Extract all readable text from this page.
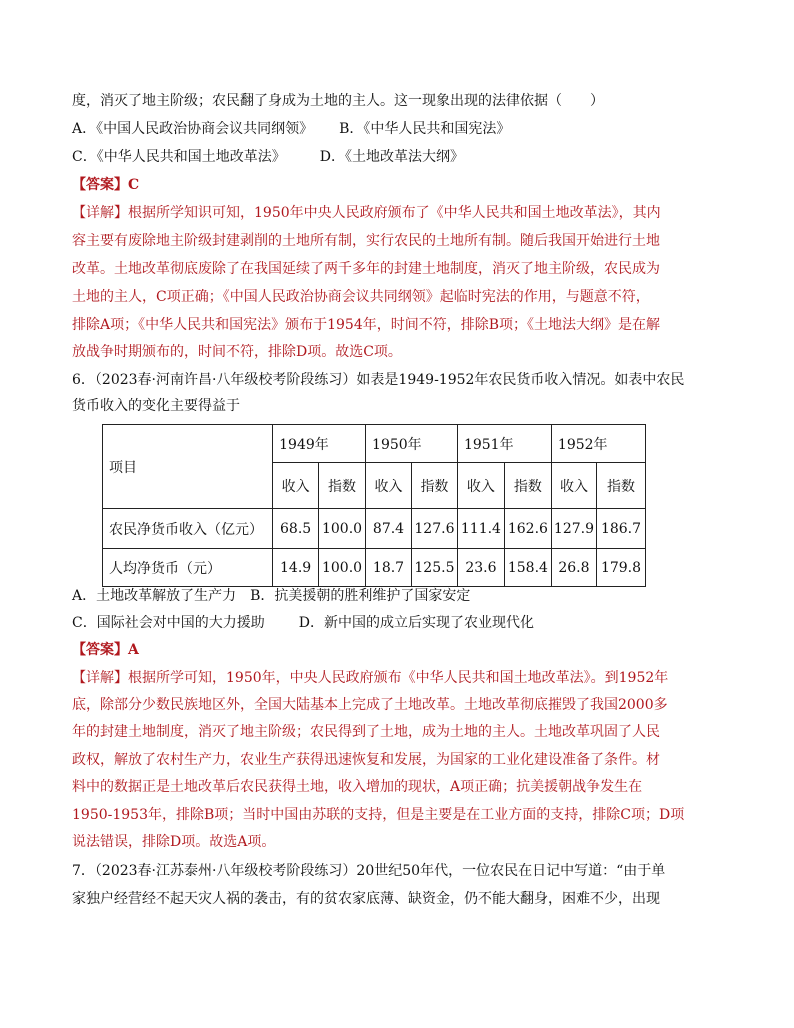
度，消灭了地主阶级；农民翻了身成为土地的主人。这一现象出现的法律依据（　　）
A．《中国人民政治协商会议共同纲领》 B．《中华人民共和国宪法》
C．《中华人民共和国土地改革法》 D．《土地改革法大纲》
【答案】C
【详解】根据所学知识可知，1950年中央人民政府颁布了《中华人民共和国土地改革法》，其内
容主要有废除地主阶级封建剥削的土地所有制，实行农民的土地所有制。随后我国开始进行土地
改革。土地改革彻底废除了在我国延续了两千多年的封建土地制度，消灭了地主阶级，农民成为
土地的主人，C项正确；《中国人民政治协商会议共同纲领》起临时宪法的作用，与题意不符，
排除A项；《中华人民共和国宪法》颁布于1954年，时间不符，排除B项；《土地法大纲》是在解
放战争时期颁布的，时间不符，排除D项。故选C项。
6．（2023春·河南许昌·八年级校考阶段练习）如表是1949-1952年农民货币收入情况。如表中农民
货币收入的变化主要得益于
项目	1949年		1950年		1951年		1952年	
	收入	指数	收入	指数	收入	指数	收入	指数
农民净货币收入（亿元）	68.5	100.0	87.4	127.6	111.4	162.6	127.9	186.7
人均净货币（元）	14.9	100.0	18.7	125.5	23.6	158.4	26.8	179.8
A．土地改革解放了生产力 B．抗美援朝的胜利维护了国家安定
C．国际社会对中国的大力援助 D．新中国的成立后实现了农业现代化
【答案】A
【详解】根据所学可知，1950年，中央人民政府颁布《中华人民共和国土地改革法》。到1952年
底，除部分少数民族地区外，全国大陆基本上完成了土地改革。土地改革彻底摧毁了我国2000多
年的封建土地制度，消灭了地主阶级；农民得到了土地，成为土地的主人。土地改革巩固了人民
政权，解放了农村生产力，农业生产获得迅速恢复和发展，为国家的工业化建设准备了条件。材
料中的数据正是土地改革后农民获得土地，收入增加的现状，A项正确；抗美援朝战争发生在
1950-1953年，排除B项；当时中国由苏联的支持，但是主要是在工业方面的支持，排除C项；D项
说法错误，排除D项。故选A项。
7．（2023春·江苏泰州·八年级校考阶段练习）20世纪50年代，一位农民在日记中写道：“由于单
家独户经营经不起天灾人祸的袭击，有的贫农家底薄、缺资金，仍不能大翻身，困难不少，出现
